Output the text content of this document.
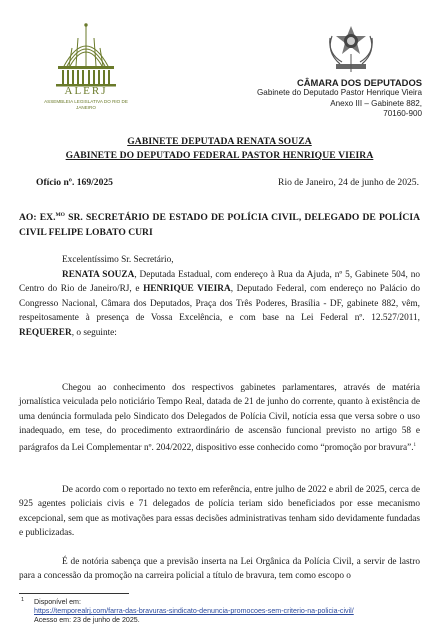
ALERJ
ASSEMBLEIA LEGISLATIVA DO RIO DE JANEIRO
CÂMARA DOS DEPUTADOS
Gabinete do Deputado Pastor Henrique Vieira
Anexo III – Gabinete 882,
70160-900
GABINETE DEPUTADA RENATA SOUZA
GABINETE DO DEPUTADO FEDERAL PASTOR HENRIQUE VIEIRA
Ofício nº. 169/2025	Rio de Janeiro, 24 de junho de 2025.
AO: EX.$^{MO}$ SR. SECRETÁRIO DE ESTADO DE POLÍCIA CIVIL, DELEGADO DE POLÍCIA CIVIL FELIPE LOBATO CURI
Excelentíssimo Sr. Secretário,
RENATA SOUZA, Deputada Estadual, com endereço à Rua da Ajuda, nº 5, Gabinete 504, no Centro do Rio de Janeiro/RJ, e HENRIQUE VIEIRA, Deputado Federal, com endereço no Palácio do Congresso Nacional, Câmara dos Deputados, Praça dos Três Poderes, Brasília - DF, gabinete 882, vêm, respeitosamente à presença de Vossa Excelência, e com base na Lei Federal nº. 12.527/2011, REQUERER, o seguinte:
Chegou ao conhecimento dos respectivos gabinetes parlamentares, através de matéria jornalística veiculada pelo noticiário Tempo Real, datada de 21 de junho do corrente, quanto à existência de uma denúncia formulada pelo Sindicato dos Delegados de Polícia Civil, notícia essa que versa sobre o uso inadequado, em tese, do procedimento extraordinário de ascensão funcional previsto no artigo 58 e parágrafos da Lei Complementar nº. 204/2022, dispositivo esse conhecido como “promoção por bravura”.$^1$
De acordo com o reportado no texto em referência, entre julho de 2022 e abril de 2025, cerca de 925 agentes policiais civis e 71 delegados de polícia teriam sido beneficiados por esse mecanismo excepcional, sem que as motivações para essas decisões administrativas tenham sido devidamente fundadas e publicizadas.
É de notória sabença que a previsão inserta na Lei Orgânica da Polícia Civil, a servir de lastro para a concessão da promoção na carreira policial a título de bravura, tem como escopo o
1	Disponível em:
https://temporealrj.com/farra-das-bravuras-sindicato-denuncia-promocoes-sem-criterio-na-policia-civil/
Acesso em: 23 de junho de 2025.
